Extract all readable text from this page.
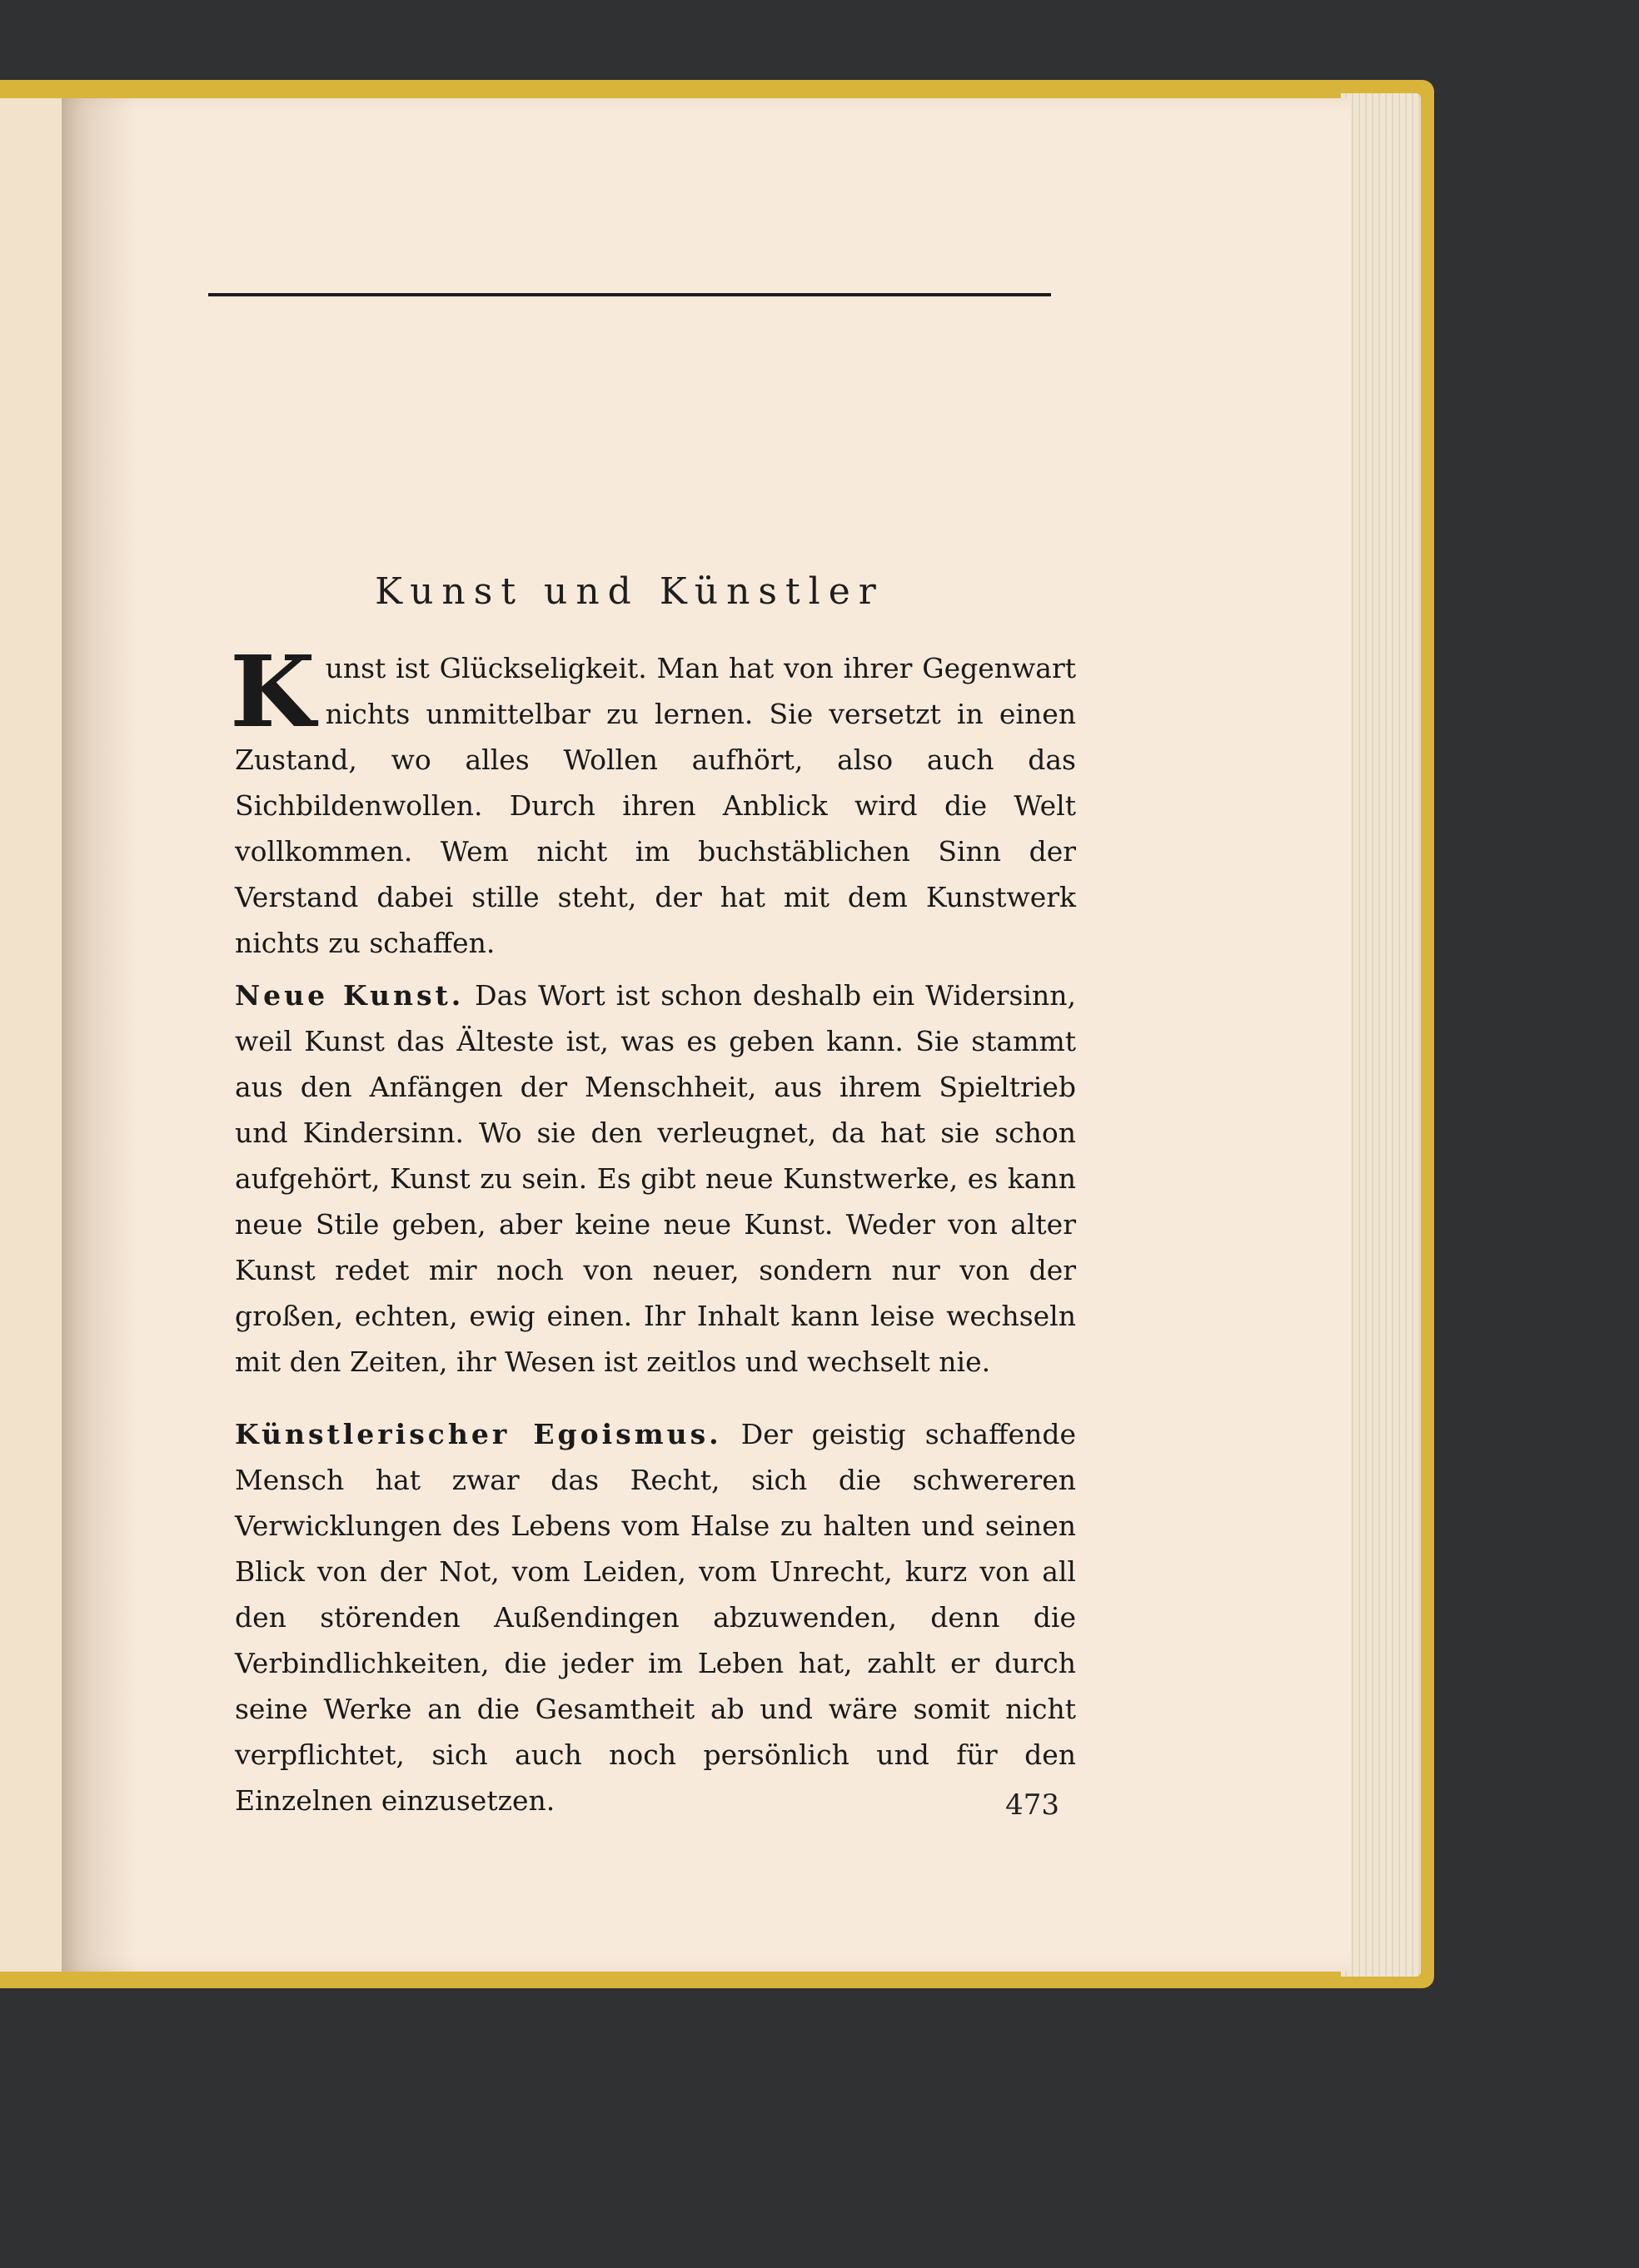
Kunst und Künstler
Kunst ist Glückseligkeit. Man hat von ihrer Gegenwart nichts unmittelbar zu lernen. Sie versetzt in einen Zustand, wo alles Wollen aufhört, also auch das Sichbildenwollen. Durch ihren Anblick wird die Welt vollkommen. Wem nicht im buchstäblichen Sinn der Verstand dabei stille steht, der hat mit dem Kunstwerk nichts zu schaffen.
Neue Kunst. Das Wort ist schon deshalb ein Widersinn, weil Kunst das Älteste ist, was es geben kann. Sie stammt aus den Anfängen der Menschheit, aus ihrem Spieltrieb und Kindersinn. Wo sie den verleugnet, da hat sie schon aufgehört, Kunst zu sein. Es gibt neue Kunstwerke, es kann neue Stile geben, aber keine neue Kunst. Weder von alter Kunst redet mir noch von neuer, sondern nur von der großen, echten, ewig einen. Ihr Inhalt kann leise wechseln mit den Zeiten, ihr Wesen ist zeitlos und wechselt nie.
Künstlerischer Egoismus. Der geistig schaffende Mensch hat zwar das Recht, sich die schwereren Verwicklungen des Lebens vom Halse zu halten und seinen Blick von der Not, vom Leiden, vom Unrecht, kurz von all den störenden Außendingen abzuwenden, denn die Verbindlichkeiten, die jeder im Leben hat, zahlt er durch seine Werke an die Gesamtheit ab und wäre somit nicht verpflichtet, sich auch noch persönlich und für den Einzelnen einzusetzen.	473
